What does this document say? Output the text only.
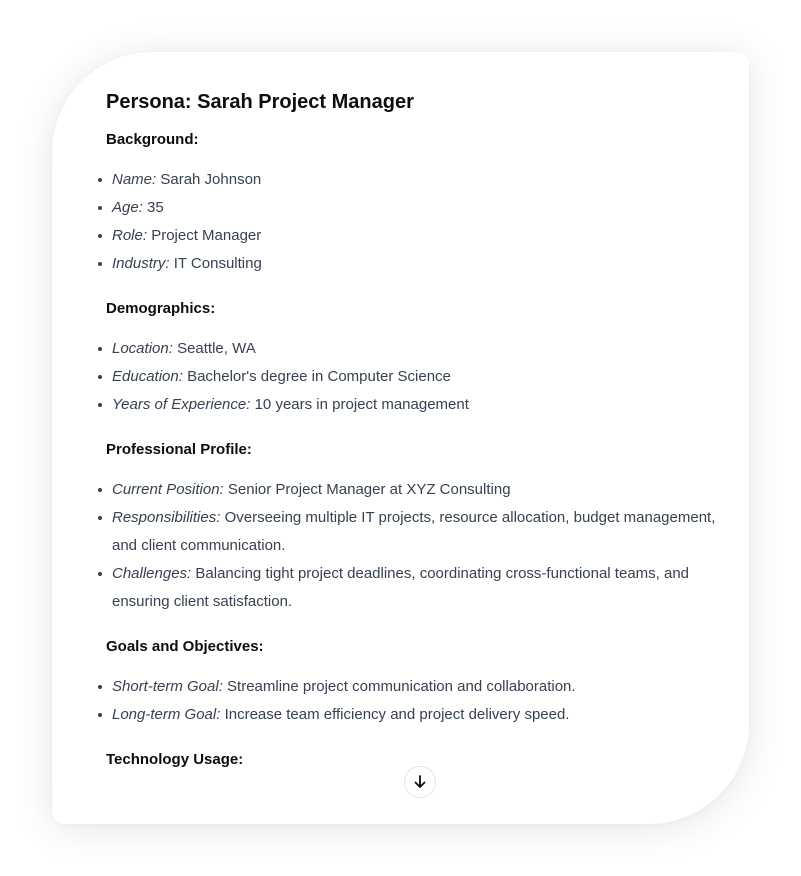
Persona: Sarah Project Manager
Background:
Name: Sarah Johnson
Age: 35
Role: Project Manager
Industry: IT Consulting
Demographics:
Location: Seattle, WA
Education: Bachelor's degree in Computer Science
Years of Experience: 10 years in project management
Professional Profile:
Current Position: Senior Project Manager at XYZ Consulting
Responsibilities: Overseeing multiple IT projects, resource allocation, budget management, and client communication.
Challenges: Balancing tight project deadlines, coordinating cross-functional teams, and ensuring client satisfaction.
Goals and Objectives:
Short-term Goal: Streamline project communication and collaboration.
Long-term Goal: Increase team efficiency and project delivery speed.
Technology Usage:
